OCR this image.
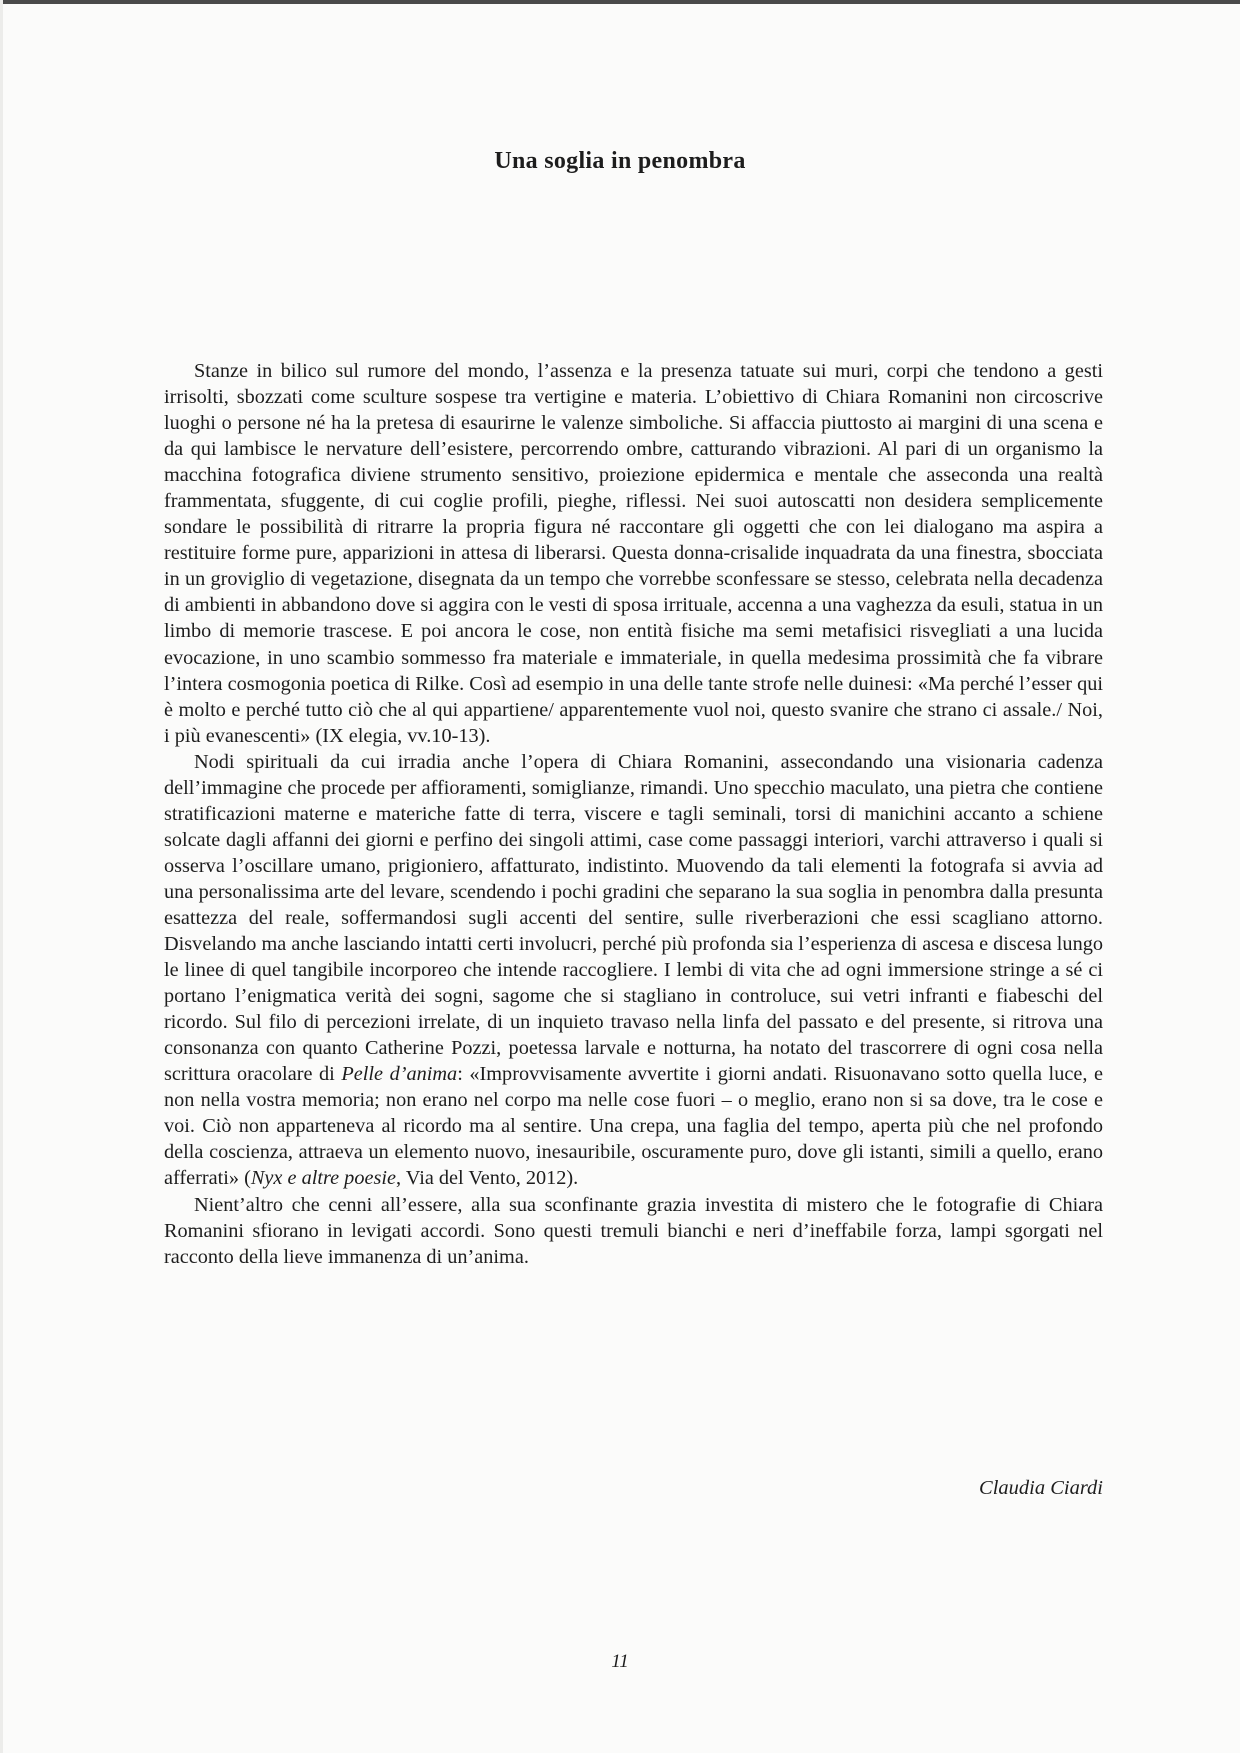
Una soglia in penombra

Stanze in bilico sul rumore del mondo, l’assenza e la presenza tatuate sui muri, corpi che tendono a gesti irrisolti, sbozzati come sculture sospese tra vertigine e materia. L’obiettivo di Chiara Romanini non circoscrive luoghi o persone né ha la pretesa di esaurirne le valenze simboliche. Si affaccia piuttosto ai margini di una scena e da qui lambisce le nervature dell’esistere, percorrendo ombre, catturando vibrazioni. Al pari di un organismo la macchina fotografica diviene strumento sensitivo, proiezione epidermica e mentale che asseconda una realtà frammentata, sfuggente, di cui coglie profili, pieghe, riflessi. Nei suoi autoscatti non desidera semplicemente sondare le possibilità di ritrarre la propria figura né raccontare gli oggetti che con lei dialogano ma aspira a restituire forme pure, apparizioni in attesa di liberarsi. Questa donna-crisalide inquadrata da una finestra, sbocciata in un groviglio di vegetazione, disegnata da un tempo che vorrebbe sconfessare se stesso, celebrata nella decadenza di ambienti in abbandono dove si aggira con le vesti di sposa irrituale, accenna a una vaghezza da esuli, statua in un limbo di memorie trascese. E poi ancora le cose, non entità fisiche ma semi metafisici risvegliati a una lucida evocazione, in uno scambio sommesso fra materiale e immateriale, in quella medesima prossimità che fa vibrare l’intera cosmogonia poetica di Rilke. Così ad esempio in una delle tante strofe nelle duinesi: «Ma perché l’esser qui è molto e perché tutto ciò che al qui appartiene/ apparentemente vuol noi, questo svanire che strano ci assale./ Noi, i più evanescenti» (IX elegia, vv.10-13).

Nodi spirituali da cui irradia anche l’opera di Chiara Romanini, assecondando una visionaria cadenza dell’immagine che procede per affioramenti, somiglianze, rimandi. Uno specchio maculato, una pietra che contiene stratificazioni materne e materiche fatte di terra, viscere e tagli seminali, torsi di manichini accanto a schiene solcate dagli affanni dei giorni e perfino dei singoli attimi, case come passaggi interiori, varchi attraverso i quali si osserva l’oscillare umano, prigioniero, affatturato, indistinto. Muovendo da tali elementi la fotografa si avvia ad una personalissima arte del levare, scendendo i pochi gradini che separano la sua soglia in penombra dalla presunta esattezza del reale, soffermandosi sugli accenti del sentire, sulle riverberazioni che essi scagliano attorno. Disvelando ma anche lasciando intatti certi involucri, perché più profonda sia l’esperienza di ascesa e discesa lungo le linee di quel tangibile incorporeo che intende raccogliere. I lembi di vita che ad ogni immersione stringe a sé ci portano l’enigmatica verità dei sogni, sagome che si stagliano in controluce, sui vetri infranti e fiabeschi del ricordo. Sul filo di percezioni irrelate, di un inquieto travaso nella linfa del passato e del presente, si ritrova una consonanza con quanto Catherine Pozzi, poetessa larvale e notturna, ha notato del trascorrere di ogni cosa nella scrittura oracolare di Pelle d’anima: «Improvvisamente avvertite i giorni andati. Risuonavano sotto quella luce, e non nella vostra memoria; non erano nel corpo ma nelle cose fuori – o meglio, erano non si sa dove, tra le cose e voi. Ciò non apparteneva al ricordo ma al sentire. Una crepa, una faglia del tempo, aperta più che nel profondo della coscienza, attraeva un elemento nuovo, inesauribile, oscuramente puro, dove gli istanti, simili a quello, erano afferrati» (Nyx e altre poesie, Via del Vento, 2012).

Nient’altro che cenni all’essere, alla sua sconfinante grazia investita di mistero che le fotografie di Chiara Romanini sfiorano in levigati accordi. Sono questi tremuli bianchi e neri d’ineffabile forza, lampi sgorgati nel racconto della lieve immanenza di un’anima.

Claudia Ciardi
11
